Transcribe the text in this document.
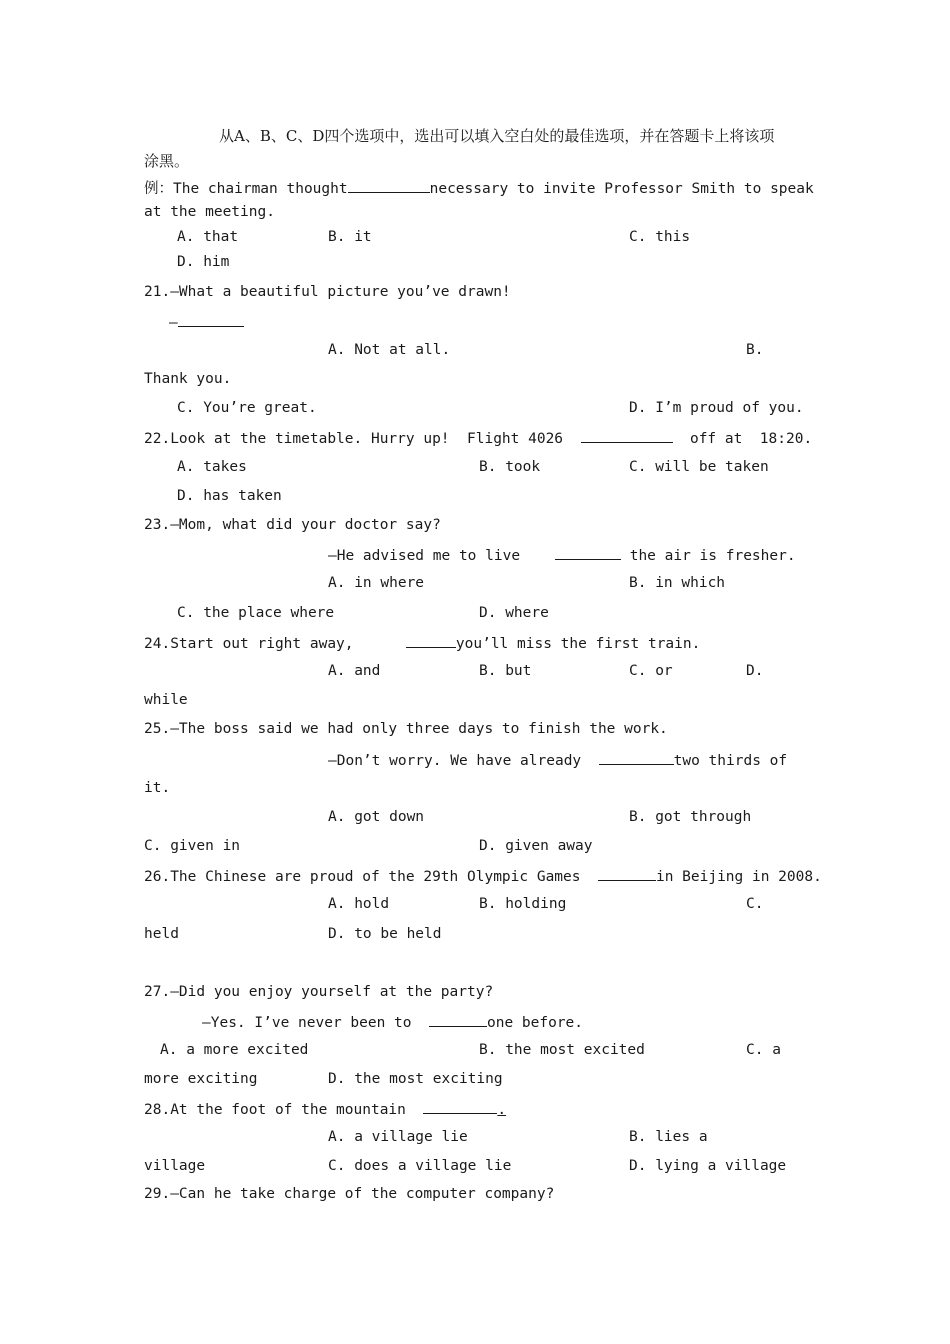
从A、B、C、D四个选项中，选出可以填入空白处的最佳选项，并在答题卡上将该项
涂黑。
例：The chairman thought	necessary to invite Professor Smith to speak
at the meeting.
A. that	B. it	C. this
D. him
21.—What a beautiful picture you’ve drawn!
—
A. Not at all.	B.
Thank you.
C. You’re great.	D. I’m proud of you.
22.Look at the timetable. Hurry up!  Flight 4026	off at  18:20.
A. takes	B. took	C. will be taken
D. has taken
23.—Mom, what did your doctor say?
—He advised me to live	the air is fresher.
A. in where	B. in which
C. the place where	D. where
24.Start out right away,	you’ll miss the first train.
A. and	B. but	C. or	D.
while
25.—The boss said we had only three days to finish the work.
—Don’t worry. We have already	two thirds of
it.
A. got down	B. got through
C. given in	D. given away
26.The Chinese are proud of the 29th Olympic Games	in Beijing in 2008.
A. hold	B. holding	C.
held	D. to be held
27.—Did you enjoy yourself at the party?
—Yes. I’ve never been to	one before.
A. a more excited	B. the most excited	C. a
more exciting	D. the most exciting
28.At the foot of the mountain	.
A. a village lie	B. lies a
village	C. does a village lie	D. lying a village
29.—Can he take charge of the computer company?
